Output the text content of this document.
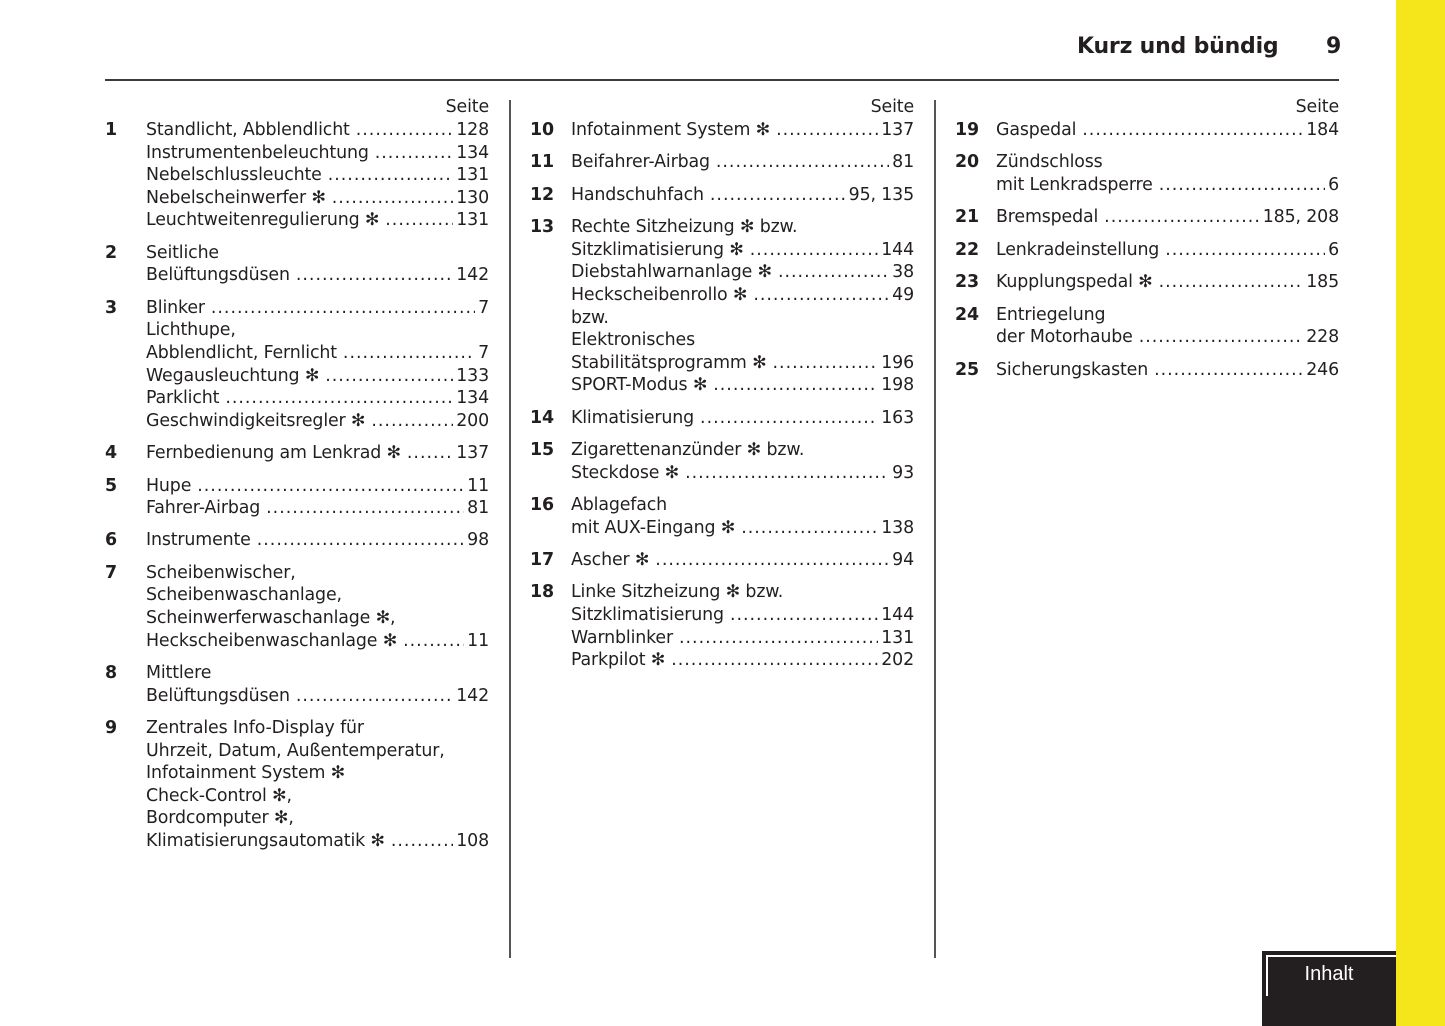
Kurz und bündig 9
Seite
1 Standlicht, Abblendlicht .....	128
Instrumentenbeleuchtung .....	134
Nebelschlussleuchte .....	131
Nebelscheinwerfer ✻ .....	130
Leuchtweitenregulierung ✻ .....	131
2 Seitliche
Belüftungsdüsen .....	142
3 Blinker .....	7
Lichthupe,
Abblendlicht, Fernlicht .....	7
Wegausleuchtung ✻ .....	133
Parklicht .....	134
Geschwindigkeitsregler ✻ .....	200
4 Fernbedienung am Lenkrad ✻ .....	137
5 Hupe .....	11
Fahrer-Airbag .....	81
6 Instrumente .....	98
7 Scheibenwischer,
Scheibenwaschanlage,
Scheinwerferwaschanlage ✻,
Heckscheibenwaschanlage ✻ .....	11
8 Mittlere
Belüftungsdüsen .....	142
9 Zentrales Info-Display für
Uhrzeit, Datum, Außentemperatur,
Infotainment System ✻
Check-Control ✻,
Bordcomputer ✻,
Klimatisierungsautomatik ✻ .....	108
Seite
10 Infotainment System ✻ .....	137
11 Beifahrer-Airbag .....	81
12 Handschuhfach .....	95, 135
13 Rechte Sitzheizung ✻ bzw.
Sitzklimatisierung ✻ .....	144
Diebstahlwarnanlage ✻ .....	38
Heckscheibenrollo ✻ .....	49
bzw.
Elektronisches
Stabilitätsprogramm ✻ .....	196
SPORT-Modus ✻ .....	198
14 Klimatisierung .....	163
15 Zigarettenanzünder ✻ bzw.
Steckdose ✻ .....	93
16 Ablagefach
mit AUX-Eingang ✻ .....	138
17 Ascher ✻ .....	94
18 Linke Sitzheizung ✻ bzw.
Sitzklimatisierung .....	144
Warnblinker .....	131
Parkpilot ✻ .....	202
Seite
19 Gaspedal .....	184
20 Zündschloss
mit Lenkradsperre .....	6
21 Bremspedal .....	185, 208
22 Lenkradeinstellung .....	6
23 Kupplungspedal ✻ .....	185
24 Entriegelung
der Motorhaube .....	228
25 Sicherungskasten .....	246
Inhalt
